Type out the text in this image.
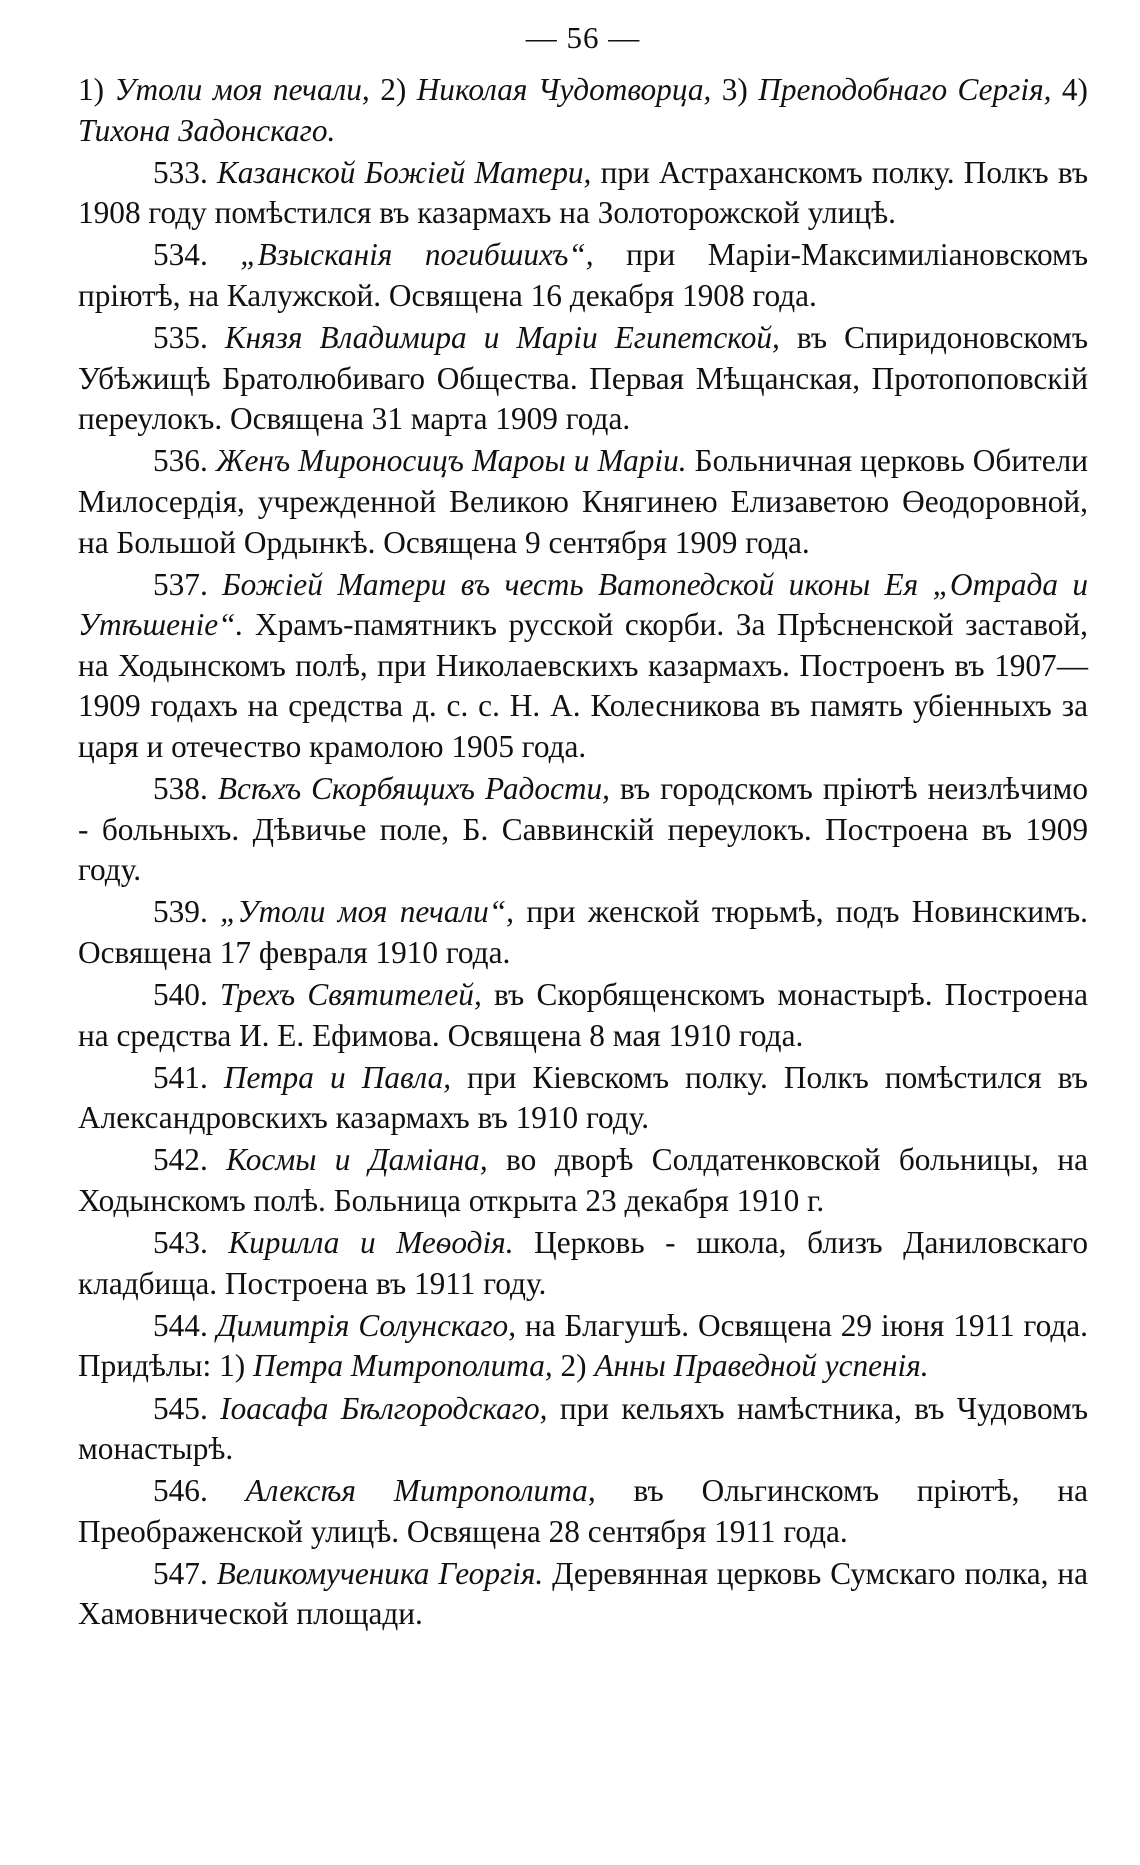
— 56 —

1) Утоли моя печали, 2) Николая Чудотворца, 3) Преподобнаго Сергія, 4) Тихона Задонскаго.

533. Казанской Божіей Матери, при Астраханскомъ полку. Полкъ въ 1908 году помѣстился въ казармахъ на Золоторожской улицѣ.

534. „Взысканія погибшихъ“, при Маріи-Максимиліановскомъ пріютѣ, на Калужской. Освящена 16 декабря 1908 года.

535. Князя Владимира и Маріи Египетской, въ Спиридоновскомъ Убѣжищѣ Братолюбиваго Общества. Первая Мѣщанская, Протопоповскій переулокъ. Освящена 31 марта 1909 года.

536. Женъ Мироносицъ Мароы и Маріи. Больничная церковь Обители Милосердія, учрежденной Великою Княгинею Елизаветою Өеодоровной, на Большой Ордынкѣ. Освящена 9 сентября 1909 года.

537. Божіей Матери въ честь Ватопедской иконы Ея „Отрада и Утѣшеніе“. Храмъ-памятникъ русской скорби. За Прѣсненской заставой, на Ходынскомъ полѣ, при Николаевскихъ казармахъ. Построенъ въ 1907—1909 годахъ на средства д. с. с. Н. А. Колесникова въ память убіенныхъ за царя и отечество крамолою 1905 года.

538. Всѣхъ Скорбящихъ Радости, въ городскомъ пріютѣ неизлѣчимо - больныхъ. Дѣвичье поле, Б. Саввинскій переулокъ. Построена въ 1909 году.

539. „Утоли моя печали“, при женской тюрьмѣ, подъ Новинскимъ. Освящена 17 февраля 1910 года.

540. Трехъ Святителей, въ Скорбященскомъ монастырѣ. Построена на средства И. Е. Ефимова. Освящена 8 мая 1910 года.

541. Петра и Павла, при Кіевскомъ полку. Полкъ помѣстился въ Александровскихъ казармахъ въ 1910 году.

542. Космы и Даміана, во дворѣ Солдатенковской больницы, на Ходынскомъ полѣ. Больница открыта 23 декабря 1910 г.

543. Кирилла и Меѳодія. Церковь - школа, близъ Даниловскаго кладбища. Построена въ 1911 году.

544. Димитрія Солунскаго, на Благушѣ. Освящена 29 іюня 1911 года. Придѣлы: 1) Петра Митрополита, 2) Анны Праведной успенія.

545. Іоасафа Бѣлгородскаго, при кельяхъ намѣстника, въ Чудовомъ монастырѣ.

546. Алексѣя Митрополита, въ Ольгинскомъ пріютѣ, на Преображенской улицѣ. Освящена 28 сентября 1911 года.

547. Великомученика Георгія. Деревянная церковь Сумскаго полка, на Хамовнической площади.
